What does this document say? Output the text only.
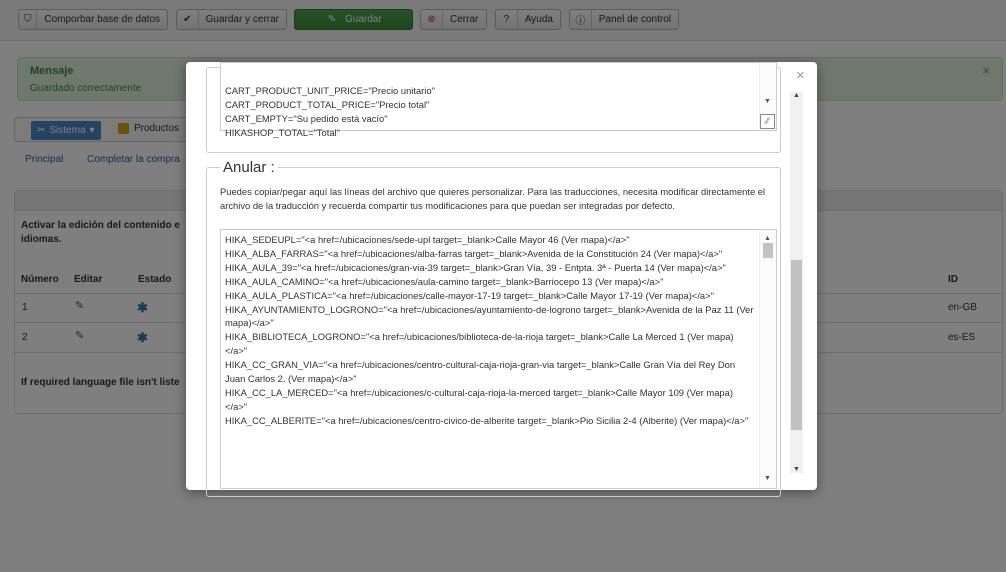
×
CART_PRODUCT_UNIT_PRICE="Precio unitario"
CART_PRODUCT_TOTAL_PRICE="Precio total"
CART_EMPTY="Su pedido está vacío"
HIKASHOP_TOTAL="Total"
▼
⁄⁄
Anular :

Puedes copiar/pegar aquí las líneas del archivo que quieres personalizar. Para las traducciones, necesita modificar directamente el archivo de la traducción y recuerda compartir tus modificaciones para que puedan ser integradas por defecto.

HIKA_SEDEUPL="<a href=/ubicaciones/sede-upl target=_blank>Calle Mayor 46 (Ver mapa)</a>"
HIKA_ALBA_FARRAS="<a href=/ubicaciones/alba-farras target=_blank>Avenida de la Constitución 24 (Ver mapa)</a>"
HIKA_AULA_39="<a href=/ubicaciones/gran-via-39 target=_blank>Gran Vía, 39 - Entpta. 3ª - Puerta 14 (Ver mapa)</a>"
HIKA_AULA_CAMINO="<a href=/ubicaciones/aula-camino target=_blank>Barriocepo 13 (Ver mapa)</a>"
HIKA_AULA_PLASTICA="<a href=/ubicaciones/calle-mayor-17-19 target=_blank>Calle Mayor 17-19 (Ver mapa)</a>"
HIKA_AYUNTAMIENTO_LOGRONO="<a href=/ubicaciones/ayuntamiento-de-logrono target=_blank>Avenida de la Paz 11 (Ver mapa)</a>"
HIKA_BIBLIOTECA_LOGRONO="<a href=/ubicaciones/biblioteca-de-la-rioja target=_blank>Calle La Merced 1 (Ver mapa)</a>"
HIKA_CC_GRAN_VIA="<a href=/ubicaciones/centro-cultural-caja-rioja-gran-via target=_blank>Calle Gran Vía del Rey Don Juan Carlos 2. (Ver mapa)</a>"
HIKA_CC_LA_MERCED="<a href=/ubicaciones/c-cultural-caja-rioja-la-merced target=_blank>Calle Mayor 109 (Ver mapa)</a>"
HIKA_CC_ALBERITE="<a href=/ubicaciones/centro-civico-de-alberite target=_blank>Pio Sicilia 2-4 (Alberite) (Ver mapa)</a>"
▲
▼
▲
▼
